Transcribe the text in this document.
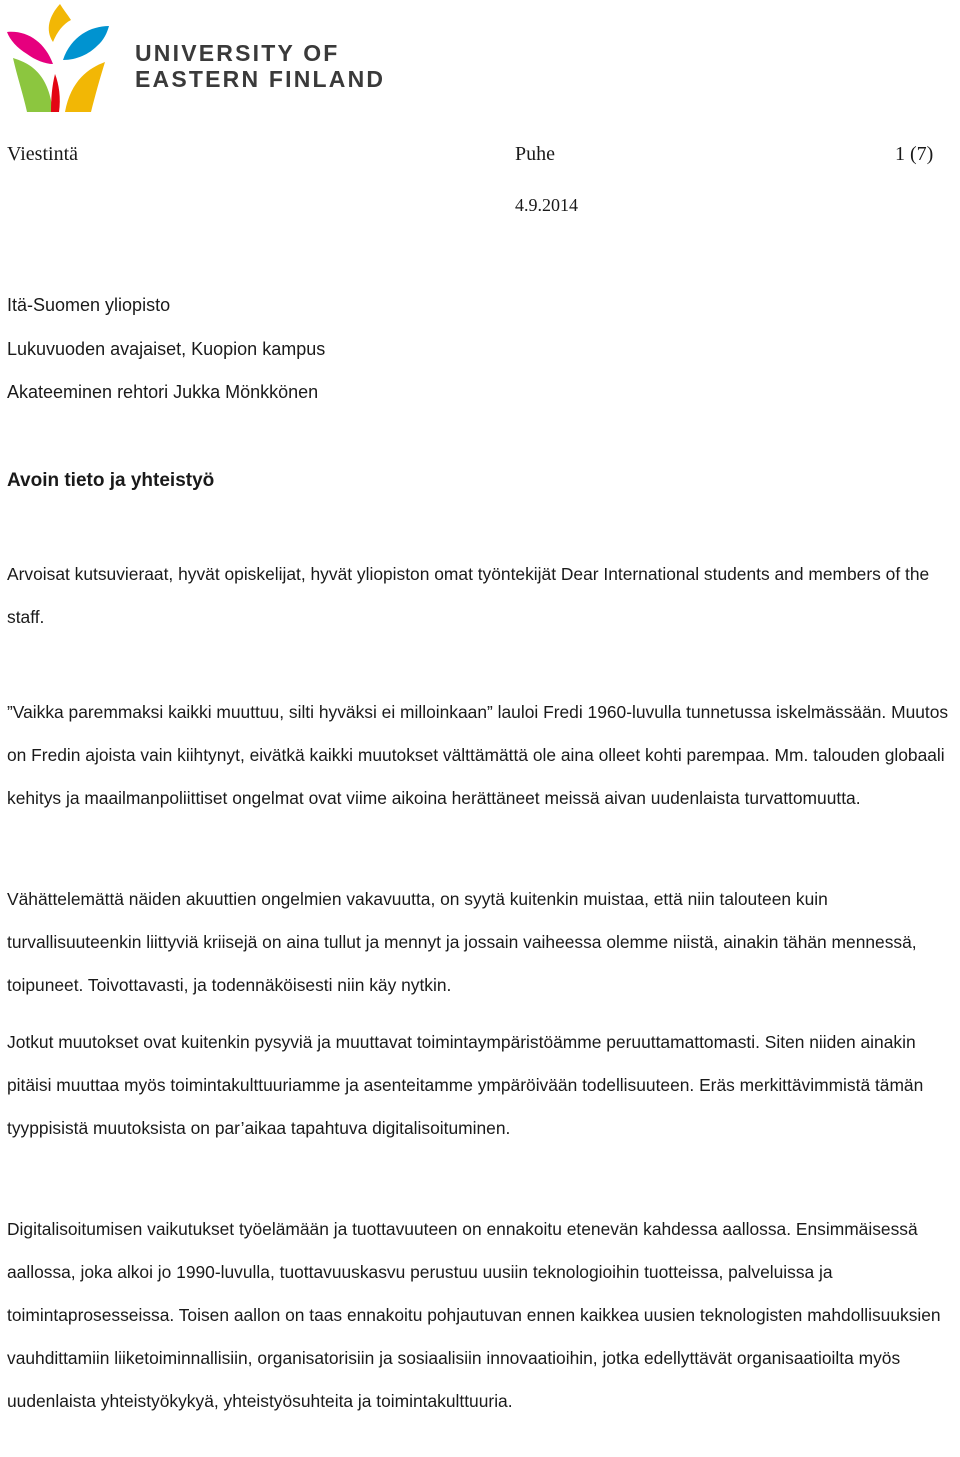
UNIVERSITY OF
EASTERN FINLAND
Viestintä	Puhe	1 (7)
4.9.2014
Itä-Suomen yliopisto
Lukuvuoden avajaiset, Kuopion kampus
Akateeminen rehtori Jukka Mönkkönen
Avoin tieto ja yhteistyö

Arvoisat kutsuvieraat, hyvät opiskelijat, hyvät yliopiston omat työntekijät Dear International students and members of the staff.

”Vaikka paremmaksi kaikki muuttuu, silti hyväksi ei milloinkaan” lauloi Fredi 1960-luvulla tunnetussa iskelmässään. Muutos on Fredin ajoista vain kiihtynyt, eivätkä kaikki muutokset välttämättä ole aina olleet kohti parempaa. Mm. talouden globaali kehitys ja maailmanpoliittiset ongelmat ovat viime aikoina herättäneet meissä aivan uudenlaista turvattomuutta.

Vähättelemättä näiden akuuttien ongelmien vakavuutta, on syytä kuitenkin muistaa, että niin talouteen kuin turvallisuuteenkin liittyviä kriisejä on aina tullut ja mennyt ja jossain vaiheessa olemme niistä, ainakin tähän mennessä, toipuneet. Toivottavasti, ja todennäköisesti niin käy nytkin.

Jotkut muutokset ovat kuitenkin pysyviä ja muuttavat toimintaympäristöämme peruuttamattomasti. Siten niiden ainakin pitäisi muuttaa myös toimintakulttuuriamme ja asenteitamme ympäröivään todellisuuteen. Eräs merkittävimmistä tämän tyyppisistä muutoksista on par’aikaa tapahtuva digitalisoituminen.

Digitalisoitumisen vaikutukset työelämään ja tuottavuuteen on ennakoitu etenevän kahdessa aallossa. Ensimmäisessä aallossa, joka alkoi jo 1990-luvulla, tuottavuuskasvu perustuu uusiin teknologioihin tuotteissa, palveluissa ja toimintaprosesseissa. Toisen aallon on taas ennakoitu pohjautuvan ennen kaikkea uusien teknologisten mahdollisuuksien vauhdittamiin liiketoiminnallisiin, organisatorisiin ja sosiaalisiin innovaatioihin, jotka edellyttävät organisaatioilta myös uudenlaista yhteistyökykyä, yhteistyösuhteita ja toimintakulttuuria.
